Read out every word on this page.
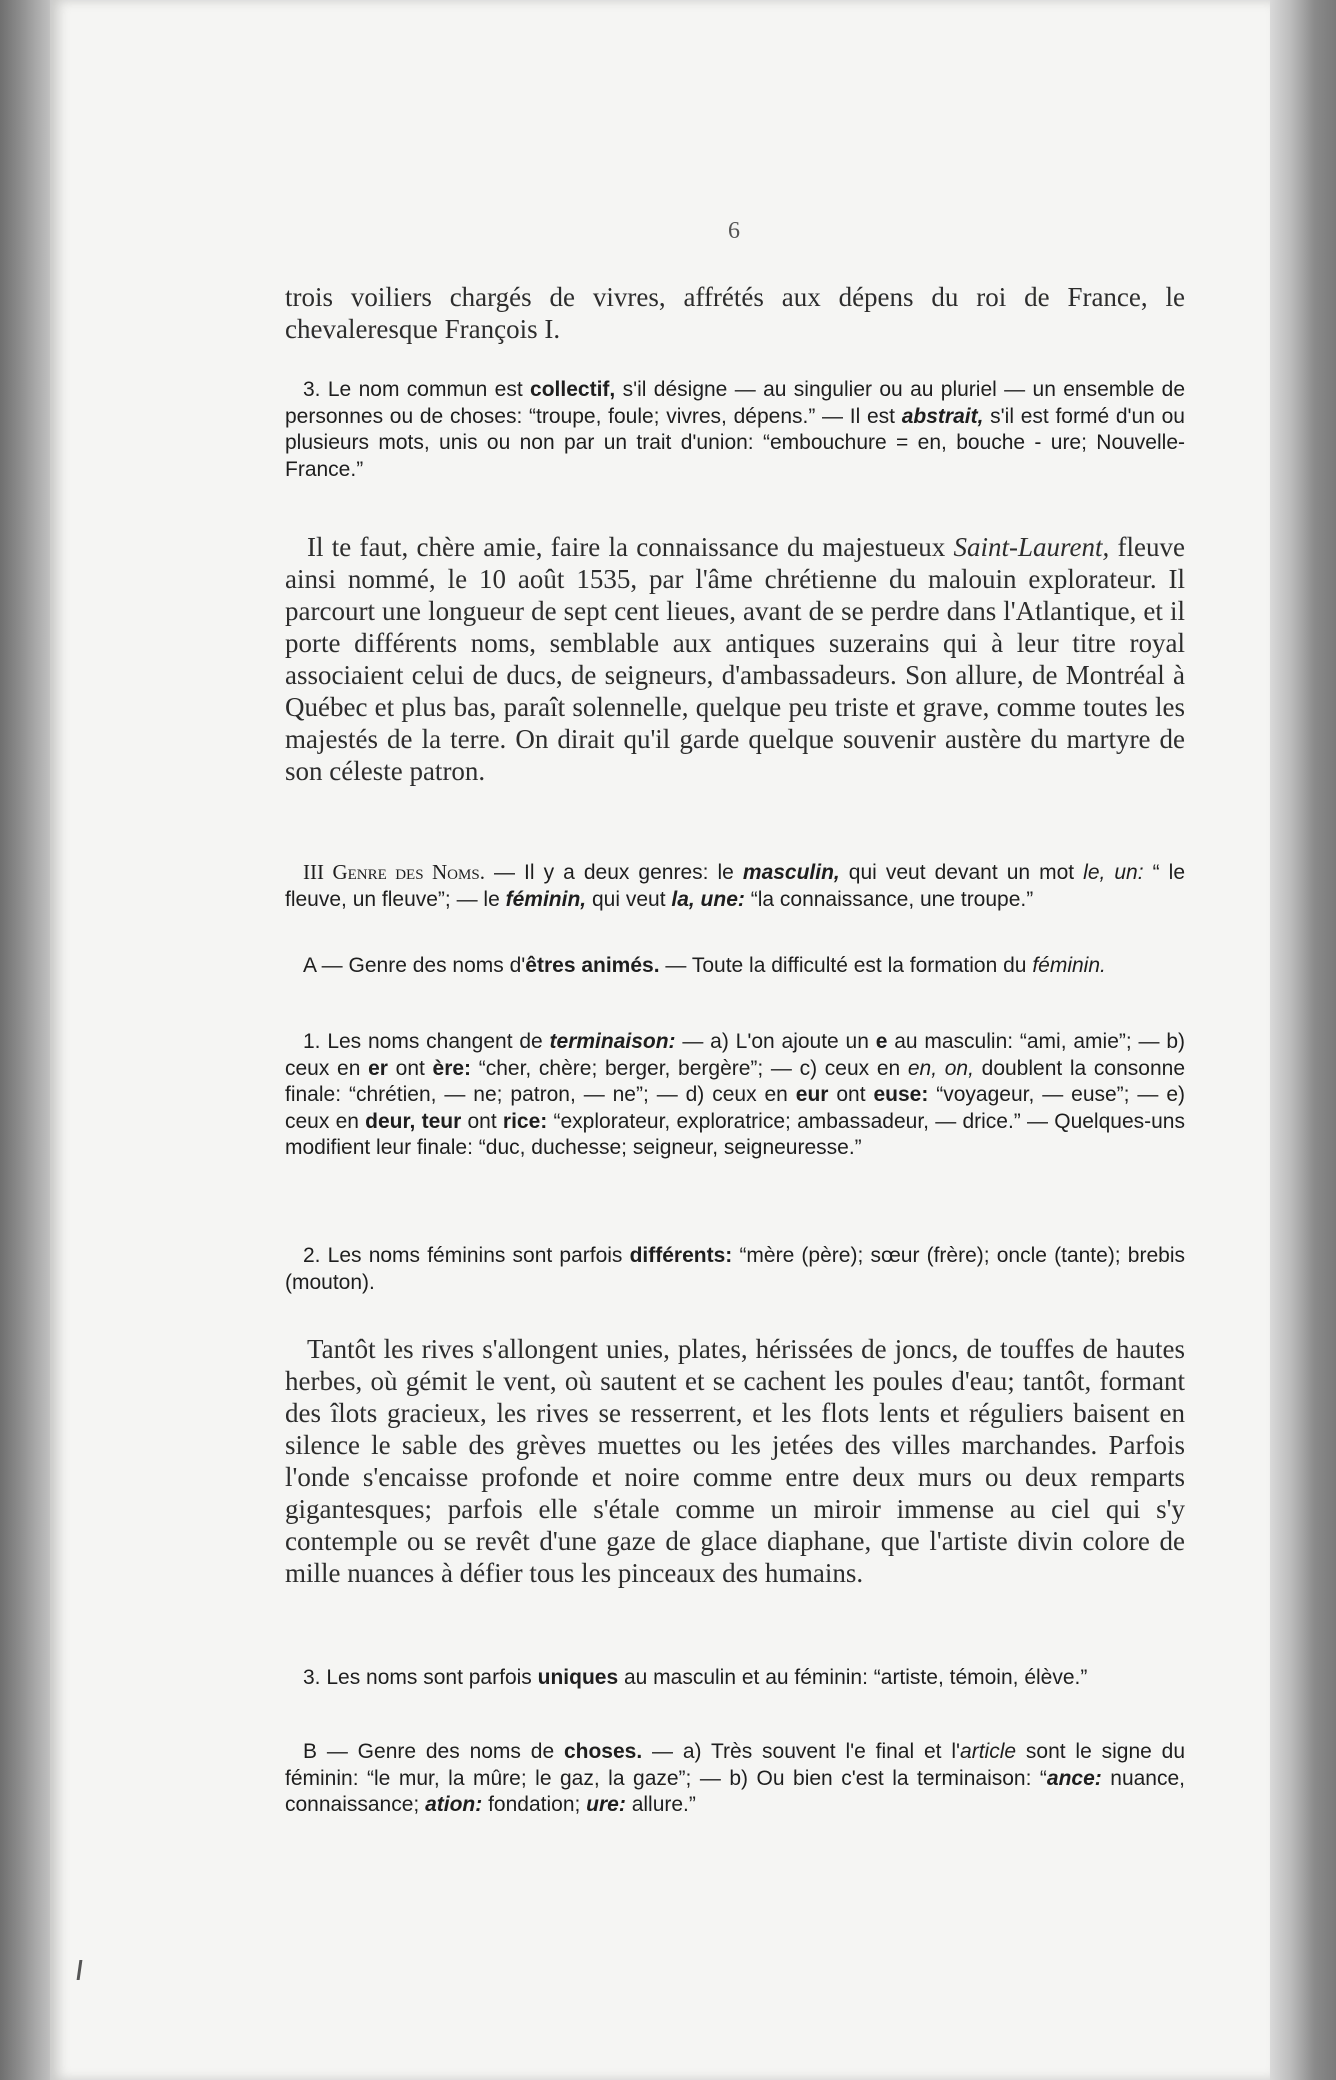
6

trois voiliers chargés de vivres, affrétés aux dépens du roi de France, le chevaleresque François I.

3. Le nom commun est collectif, s'il désigne — au singulier ou au pluriel — un ensemble de personnes ou de choses: “troupe, foule; vivres, dépens.” — Il est abstrait, s'il est formé d'un ou plusieurs mots, unis ou non par un trait d'union: “embouchure = en, bouche - ure; Nouvelle-France.”

Il te faut, chère amie, faire la connaissance du majestueux Saint-Laurent, fleuve ainsi nommé, le 10 août 1535, par l'âme chrétienne du malouin explorateur. Il parcourt une longueur de sept cent lieues, avant de se perdre dans l'Atlantique, et il porte différents noms, semblable aux antiques suzerains qui à leur titre royal associaient celui de ducs, de seigneurs, d'ambassadeurs. Son allure, de Montréal à Québec et plus bas, paraît solennelle, quelque peu triste et grave, comme toutes les majestés de la terre. On dirait qu'il garde quelque souvenir austère du martyre de son céleste patron.

III Genre des Noms. — Il y a deux genres: le masculin, qui veut devant un mot le, un: “ le fleuve, un fleuve”; — le féminin, qui veut la, une: “la connaissance, une troupe.”

A — Genre des noms d'êtres animés. — Toute la difficulté est la formation du féminin.

1. Les noms changent de terminaison: — a) L'on ajoute un e au masculin: “ami, amie”; — b) ceux en er ont ère: “cher, chère; berger, bergère”; — c) ceux en en, on, doublent la consonne finale: “chrétien, — ne; patron, — ne”; — d) ceux en eur ont euse: “voyageur, — euse”; — e) ceux en deur, teur ont rice: “explorateur, exploratrice; ambassadeur, — drice.” — Quelques-uns modifient leur finale: “duc, duchesse; seigneur, seigneuresse.”

2. Les noms féminins sont parfois différents: “mère (père); sœur (frère); oncle (tante); brebis (mouton).

Tantôt les rives s'allongent unies, plates, hérissées de joncs, de touffes de hautes herbes, où gémit le vent, où sautent et se cachent les poules d'eau; tantôt, formant des îlots gracieux, les rives se resserrent, et les flots lents et réguliers baisent en silence le sable des grèves muettes ou les jetées des villes marchandes. Parfois l'onde s'encaisse profonde et noire comme entre deux murs ou deux remparts gigantesques; parfois elle s'étale comme un miroir immense au ciel qui s'y contemple ou se revêt d'une gaze de glace diaphane, que l'artiste divin colore de mille nuances à défier tous les pinceaux des humains.

3. Les noms sont parfois uniques au masculin et au féminin: “artiste, témoin, élève.”

B — Genre des noms de choses. — a) Très souvent l'e final et l'article sont le signe du féminin: “le mur, la mûre; le gaz, la gaze”; — b) Ou bien c'est la terminaison: “ance: nuance, connaissance; ation: fondation; ure: allure.”
